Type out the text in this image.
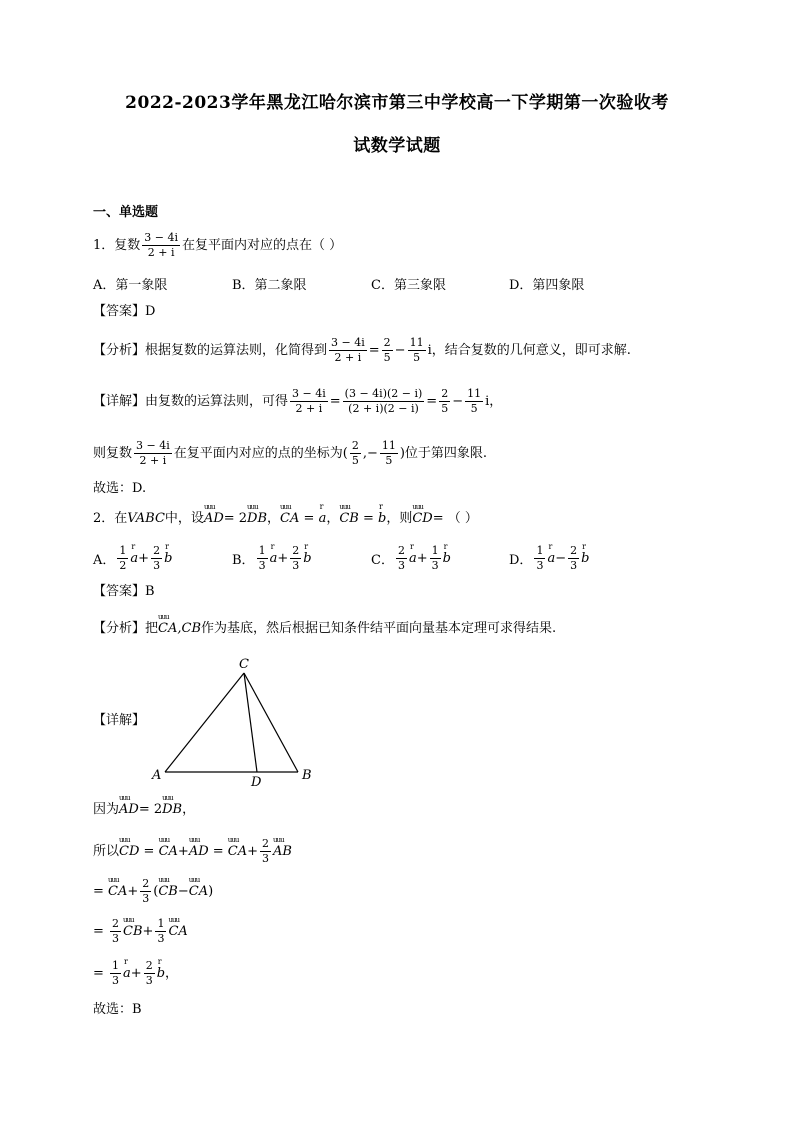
2022-2023学年黑龙江哈尔滨市第三中学校高一下学期第一次验收考
试数学试题
一、单选题
1．复数 $\frac{3 - 4i}{2 + i}$ 在复平面内对应的点在（ ）
A．第一象限	B．第二象限	C．第三象限	D．第四象限
【答案】 D
【分析】 根据复数的运算法则，化简得到 $\frac{3 - 4i}{2 + i} = \frac{2}{5} - \frac{11}{5}$ i ，结合复数的几何意义，即可求解.
【详解】 由复数的运算法则，可得 $\frac{3 - 4i}{2 + i} = \frac{(3 - 4i)(2 - i)}{(2 + i)(2 - i)} = \frac{2}{5} - \frac{11}{5}$ i ，
则复数 $\frac{3 - 4i}{2 + i}$ 在复平面内对应的点的坐标为( $\frac{2}{5}$ ,− $\frac{11}{5}$ )位于第四象限.
故选：D.
2．在 VABC 中，设 uuu AD = 2 uuu DB ， uuu CA = r a ， uuu CB = r b ，则 uuu CD = （ ）
A． $\frac{1}{2}$ r $a + \frac{2}{3}$ r b	B． $\frac{1}{3}$ r $a + \frac{2}{3}$ r b	C． $\frac{2}{3}$ r $a + \frac{1}{3}$ r b	D． $\frac{1}{3}$ r $a - \frac{2}{3}$ r b
【答案】 B
【分析】 把 uuu CA,CB 作为基底，然后根据已知条件结平面向量基本定理可求得结果.
【详解】
A	B
C
D
因为 uuu AD = 2 uuu DB ，
所以 uuu CD = uuu CA + uuu AD = uuu CA + $\frac{2}{3}$ uuu AB
= uuu CA + $\frac{2}{3}$ ( uuu CB − uuu CA )
= $\frac{2}{3}$ uuu CB + $\frac{1}{3}$ uuu CA
= $\frac{1}{3}$ r $a + \frac{2}{3}$ r b ，
故选：B
